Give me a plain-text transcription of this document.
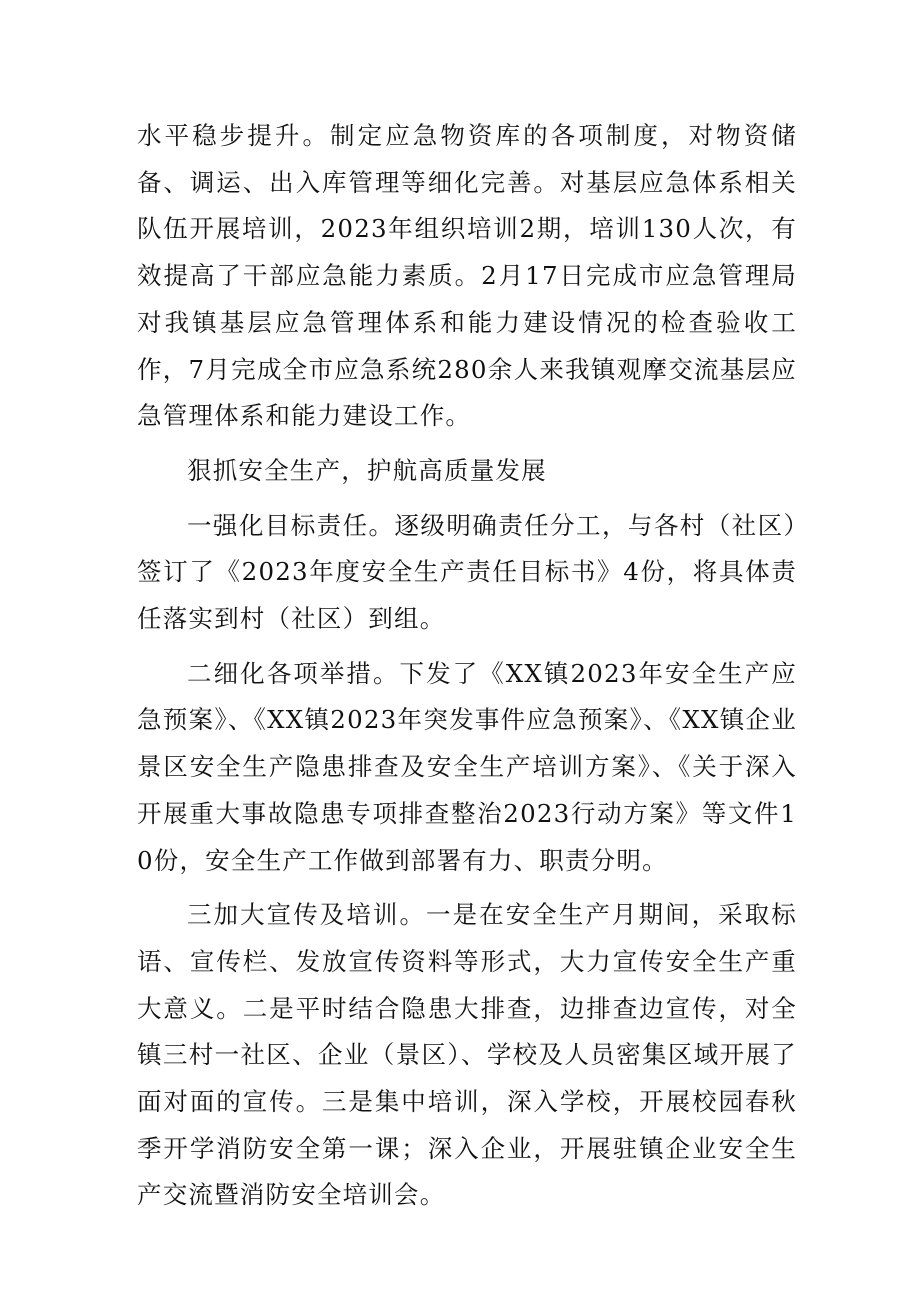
水平稳步提升。制定应急物资库的各项制度，对物资储备、调运、出入库管理等细化完善。对基层应急体系相关队伍开展培训，2023年组织培训2期，培训130人次，有效提高了干部应急能力素质。2月17日完成市应急管理局对我镇基层应急管理体系和能力建设情况的检查验收工作，7月完成全市应急系统280余人来我镇观摩交流基层应急管理体系和能力建设工作。

狠抓安全生产，护航高质量发展

一强化目标责任。逐级明确责任分工，与各村（社区）签订了《2023年度安全生产责任目标书》4份，将具体责任落实到村（社区）到组。

二细化各项举措。下发了《XX镇2023年安全生产应急预案》、《XX镇2023年突发事件应急预案》、《XX镇企业景区安全生产隐患排查及安全生产培训方案》、《关于深入开展重大事故隐患专项排查整治2023行动方案》等文件10份，安全生产工作做到部署有力、职责分明。

三加大宣传及培训。一是在安全生产月期间，采取标语、宣传栏、发放宣传资料等形式，大力宣传安全生产重大意义。二是平时结合隐患大排查，边排查边宣传，对全镇三村一社区、企业（景区）、学校及人员密集区域开展了面对面的宣传。三是集中培训，深入学校，开展校园春秋季开学消防安全第一课；深入企业，开展驻镇企业安全生产交流暨消防安全培训会。
